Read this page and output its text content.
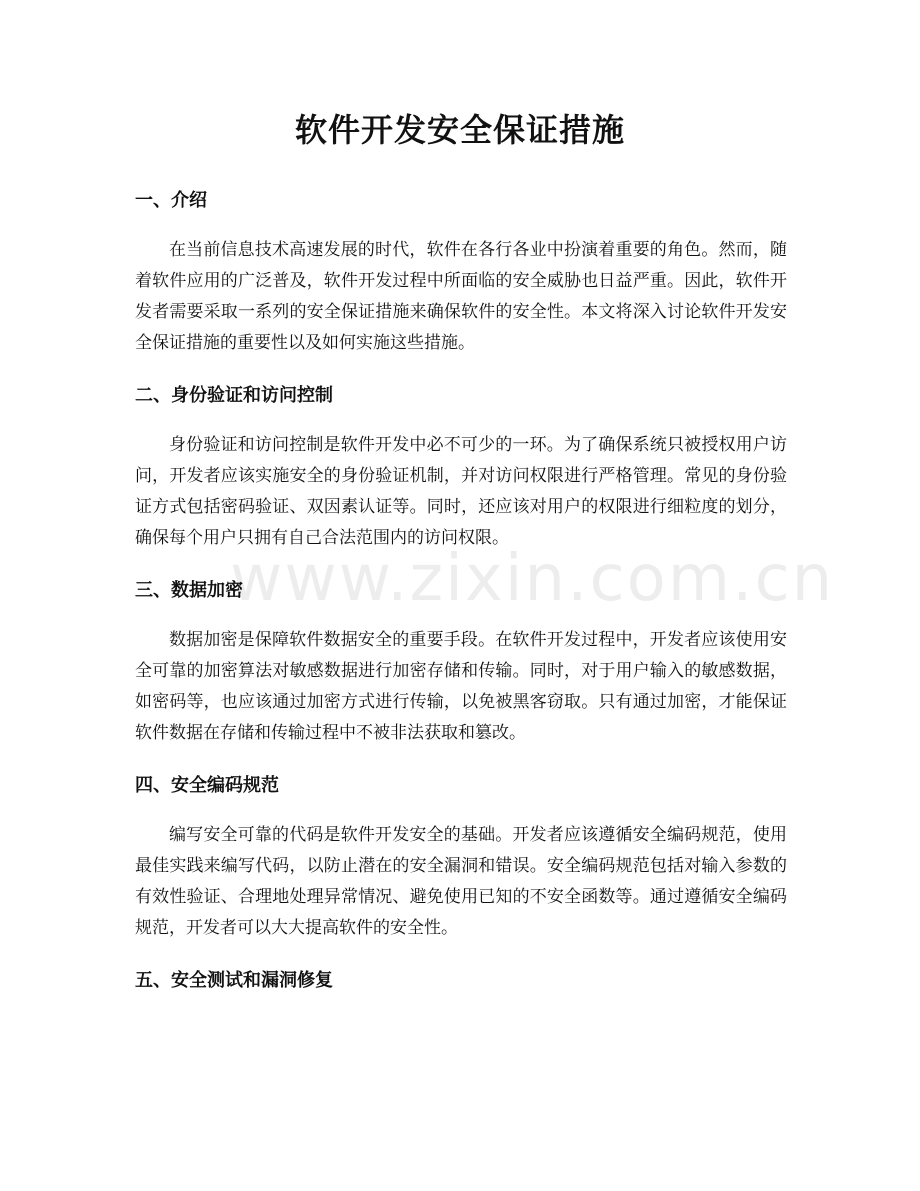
软件开发安全保证措施
一、介绍

在当前信息技术高速发展的时代，软件在各行各业中扮演着重要的角色。然而，随着软件应用的广泛普及，软件开发过程中所面临的安全威胁也日益严重。因此，软件开发者需要采取一系列的安全保证措施来确保软件的安全性。本文将深入讨论软件开发安全保证措施的重要性以及如何实施这些措施。

二、身份验证和访问控制

身份验证和访问控制是软件开发中必不可少的一环。为了确保系统只被授权用户访问，开发者应该实施安全的身份验证机制，并对访问权限进行严格管理。常见的身份验证方式包括密码验证、双因素认证等。同时，还应该对用户的权限进行细粒度的划分，确保每个用户只拥有自己合法范围内的访问权限。

三、数据加密

数据加密是保障软件数据安全的重要手段。在软件开发过程中，开发者应该使用安全可靠的加密算法对敏感数据进行加密存储和传输。同时，对于用户输入的敏感数据，如密码等，也应该通过加密方式进行传输，以免被黑客窃取。只有通过加密，才能保证软件数据在存储和传输过程中不被非法获取和篡改。

四、安全编码规范

编写安全可靠的代码是软件开发安全的基础。开发者应该遵循安全编码规范，使用最佳实践来编写代码，以防止潜在的安全漏洞和错误。安全编码规范包括对输入参数的有效性验证、合理地处理异常情况、避免使用已知的不安全函数等。通过遵循安全编码规范，开发者可以大大提高软件的安全性。

五、安全测试和漏洞修复
www.zixin.com.cn
